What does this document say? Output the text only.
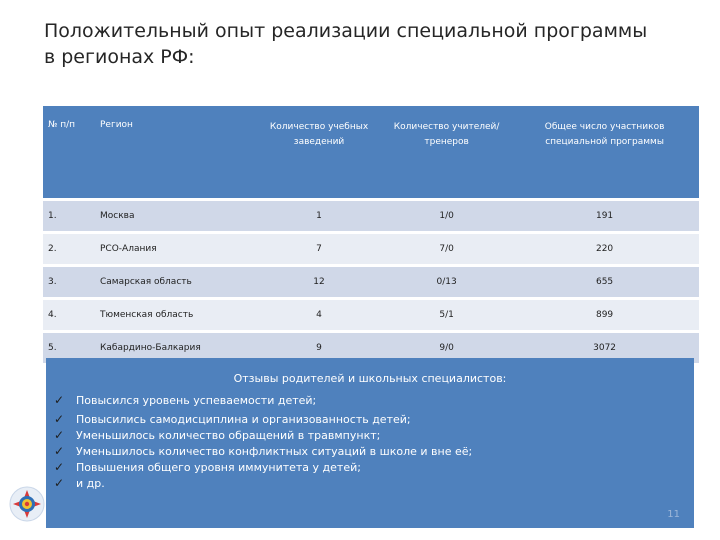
Положительный опыт реализации специальной программы в регионах РФ:
№ п/п	Регион	Количество учебных заведений	Количество учителей/тренеров	Общее число участников специальной программы
1.	Москва	1	1/0	191
2.	РСО-Алания	7	7/0	220
3.	Самарская область	12	0/13	655
4.	Тюменская область	4	5/1	899
5.	Кабардино-Балкария	9	9/0	3072
Отзывы родителей и школьных специалистов:
✓	Повысился уровень успеваемости детей;
✓	Повысились самодисциплина и организованность детей;
✓	Уменьшилось количество обращений в травмпункт;
✓	Уменьшилось количество конфликтных ситуаций в школе и вне её;
✓	Повышения общего уровня иммунитета у детей;
✓	и др.
11
